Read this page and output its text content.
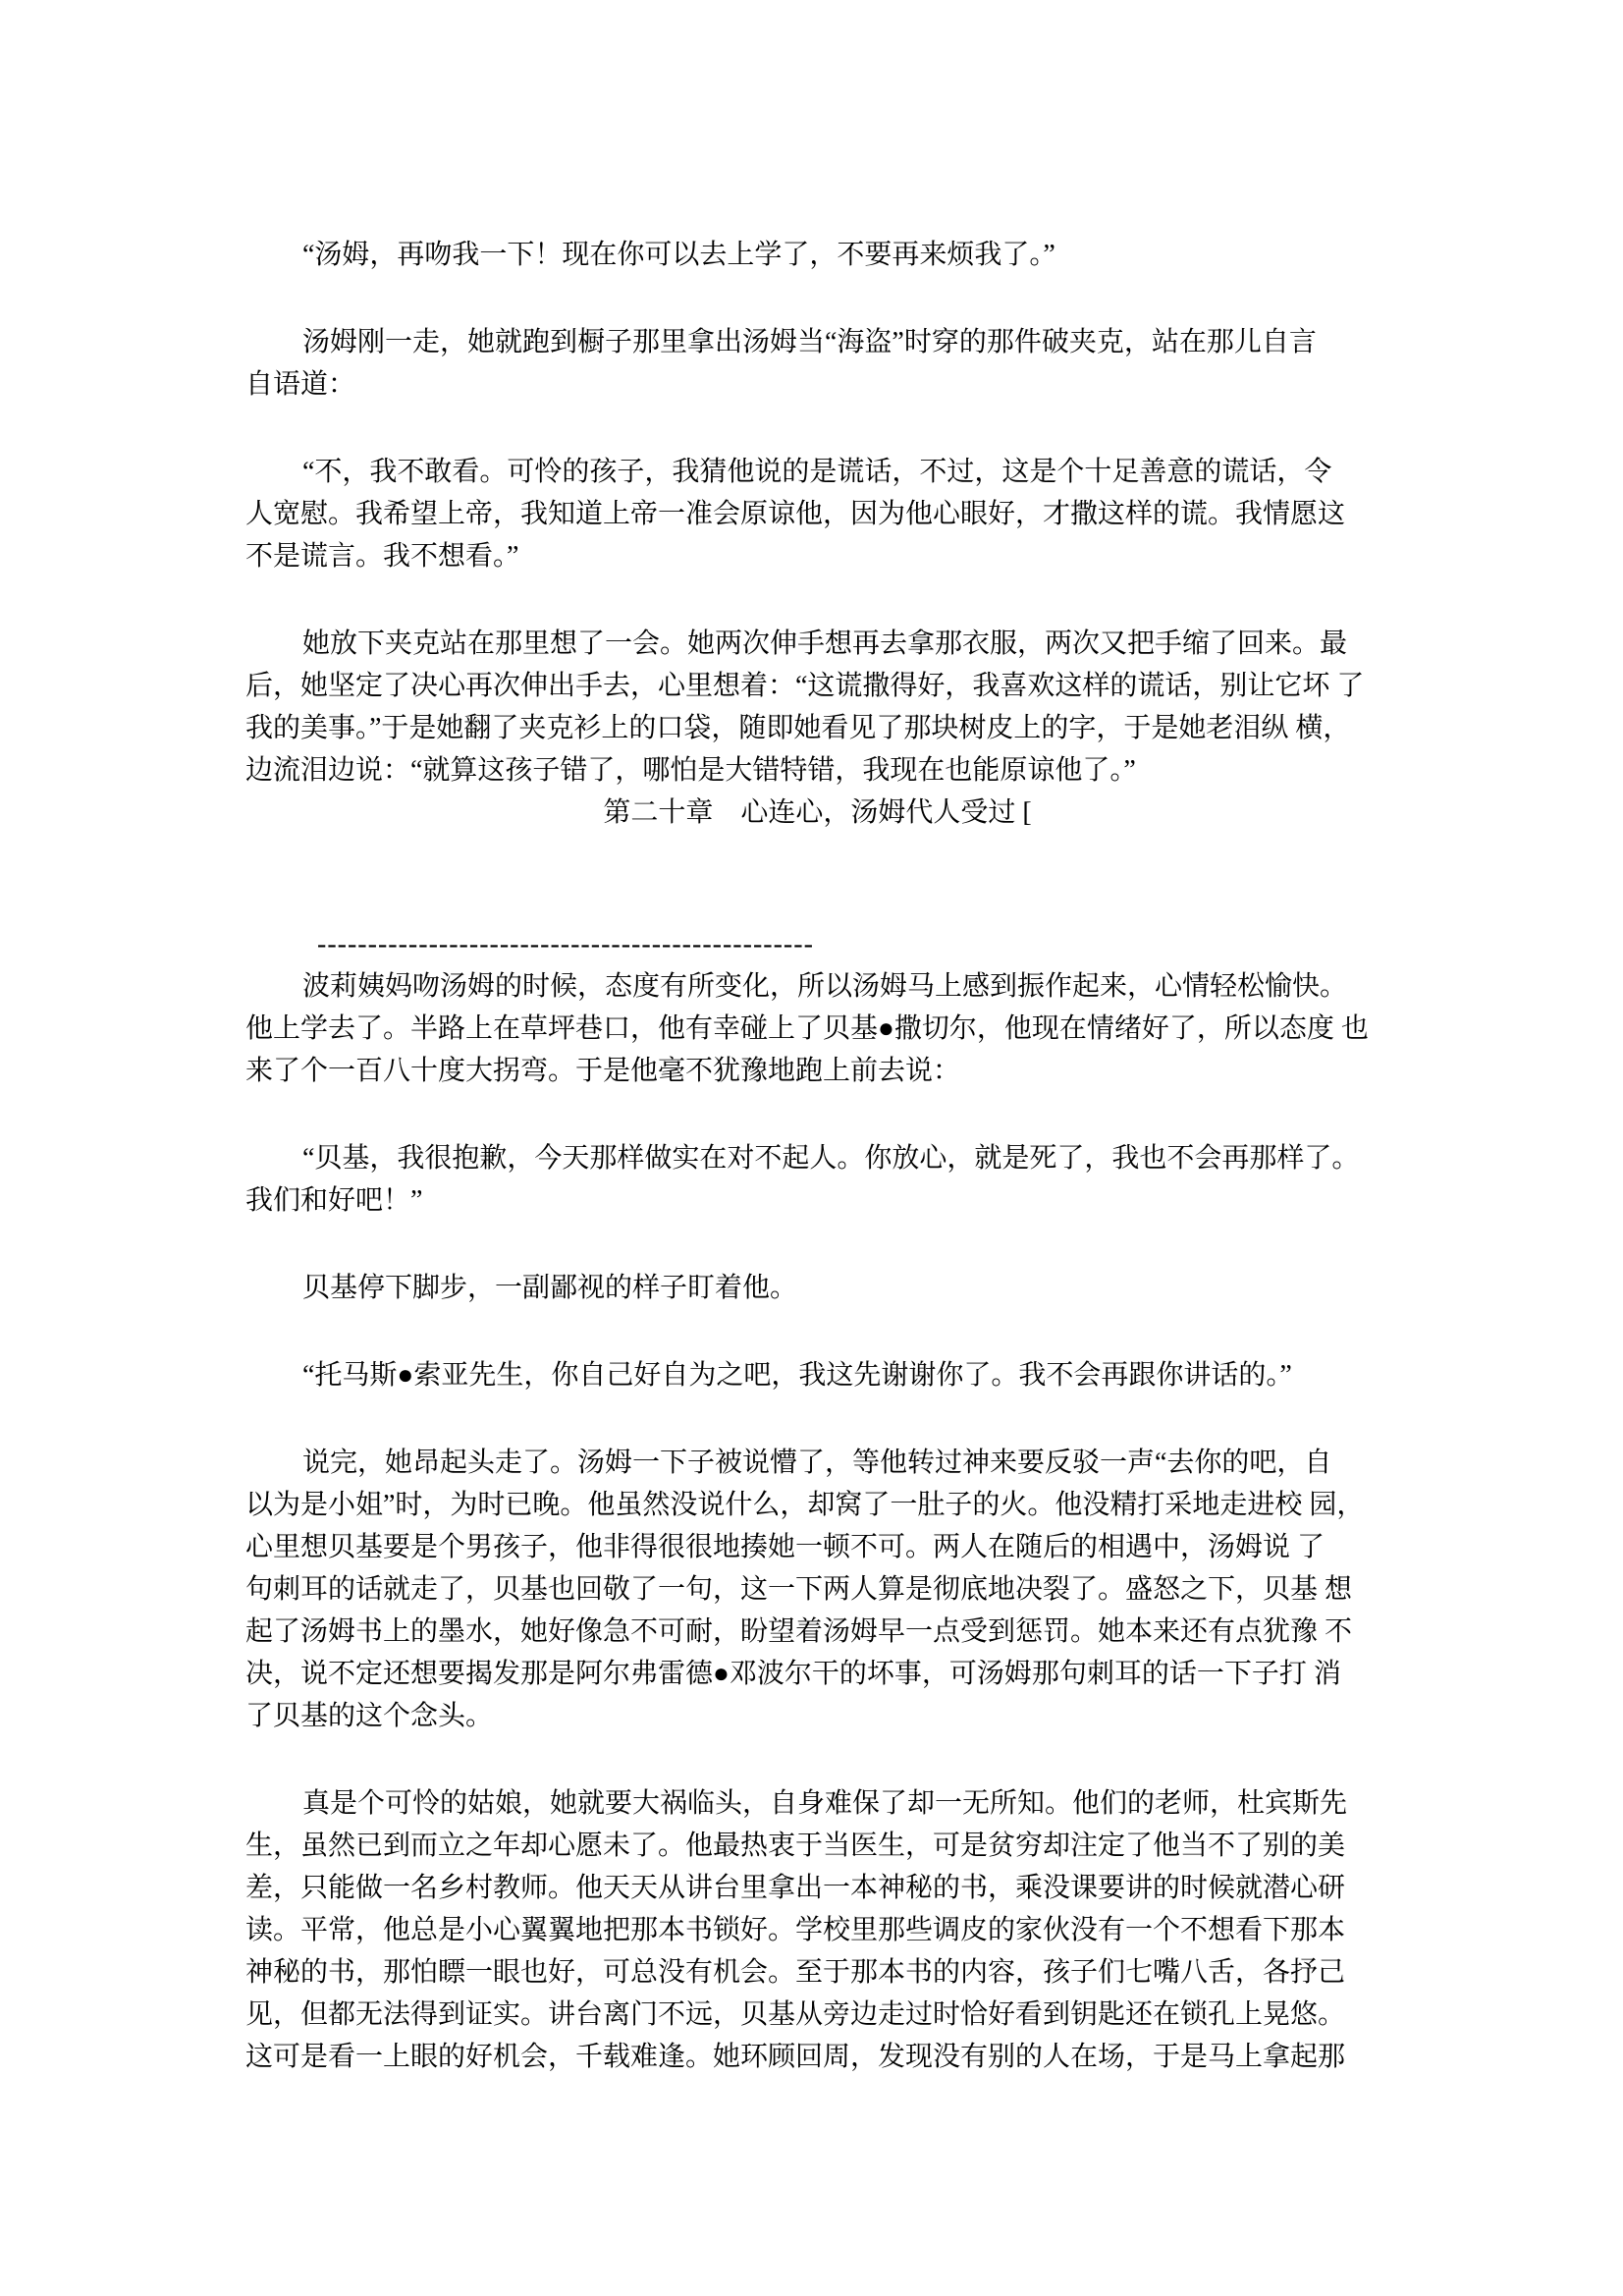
“汤姆，再吻我一下！现在你可以去上学了，不要再来烦我了。”
汤姆刚一走，她就跑到橱子那里拿出汤姆当“海盗”时穿的那件破夹克，站在那儿自言
自语道：
“不，我不敢看。可怜的孩子，我猜他说的是谎话，不过，这是个十足善意的谎话，令
人宽慰。我希望上帝，我知道上帝一准会原谅他，因为他心眼好，才撒这样的谎。我情愿这
不是谎言。我不想看。”
她放下夹克站在那里想了一会。她两次伸手想再去拿那衣服，两次又把手缩了回来。最
后，她坚定了决心再次伸出手去，心里想着：“这谎撒得好，我喜欢这样的谎话，别让它坏 了
我的美事。”于是她翻了夹克衫上的口袋，随即她看见了那块树皮上的字，于是她老泪纵 横，
边流泪边说：“就算这孩子错了，哪怕是大错特错，我现在也能原谅他了。”
第二十章　心连心，汤姆代人受过 [
-------------------------------------------------
波莉姨妈吻汤姆的时候，态度有所变化，所以汤姆马上感到振作起来，心情轻松愉快。
他上学去了。半路上在草坪巷口，他有幸碰上了贝基●撒切尔，他现在情绪好了，所以态度 也
来了个一百八十度大拐弯。于是他毫不犹豫地跑上前去说：
“贝基，我很抱歉，今天那样做实在对不起人。你放心，就是死了，我也不会再那样了。
我们和好吧！”
贝基停下脚步，一副鄙视的样子盯着他。
“托马斯●索亚先生，你自己好自为之吧，我这先谢谢你了。我不会再跟你讲话的。”
说完，她昂起头走了。汤姆一下子被说懵了，等他转过神来要反驳一声“去你的吧，自
以为是小姐”时，为时已晚。他虽然没说什么，却窝了一肚子的火。他没精打采地走进校 园，
心里想贝基要是个男孩子，他非得很很地揍她一顿不可。两人在随后的相遇中，汤姆说 了
句刺耳的话就走了，贝基也回敬了一句，这一下两人算是彻底地决裂了。盛怒之下，贝基 想
起了汤姆书上的墨水，她好像急不可耐，盼望着汤姆早一点受到惩罚。她本来还有点犹豫 不
决，说不定还想要揭发那是阿尔弗雷德●邓波尔干的坏事，可汤姆那句刺耳的话一下子打 消
了贝基的这个念头。
真是个可怜的姑娘，她就要大祸临头，自身难保了却一无所知。他们的老师，杜宾斯先
生，虽然已到而立之年却心愿未了。他最热衷于当医生，可是贫穷却注定了他当不了别的美
差，只能做一名乡村教师。他天天从讲台里拿出一本神秘的书，乘没课要讲的时候就潜心研
读。平常，他总是小心翼翼地把那本书锁好。学校里那些调皮的家伙没有一个不想看下那本
神秘的书，那怕瞟一眼也好，可总没有机会。至于那本书的内容，孩子们七嘴八舌，各抒己
见，但都无法得到证实。讲台离门不远，贝基从旁边走过时恰好看到钥匙还在锁孔上晃悠。
这可是看一上眼的好机会，千载难逢。她环顾回周，发现没有别的人在场，于是马上拿起那
